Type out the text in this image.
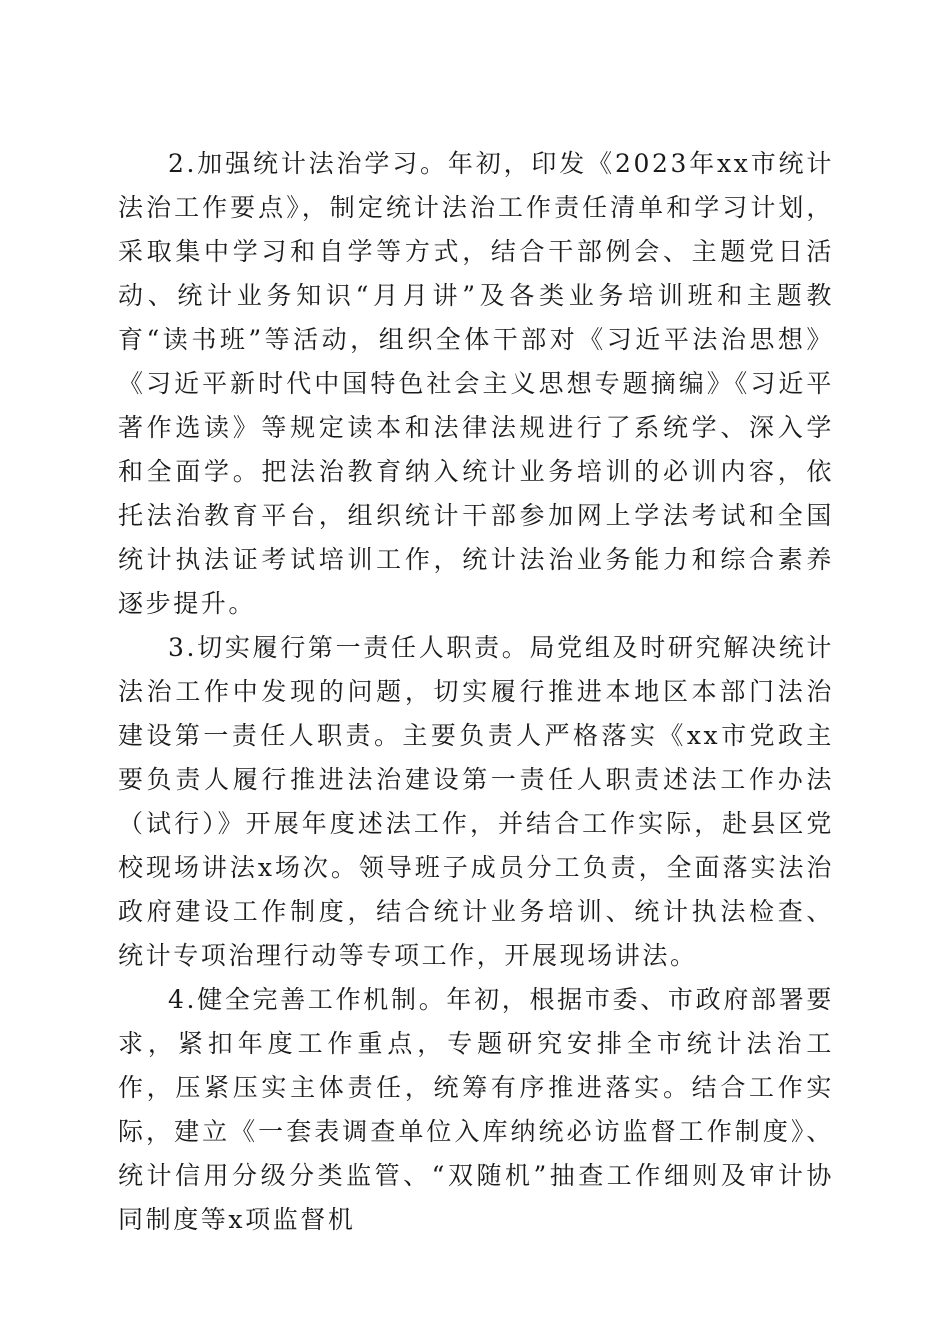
2.加强统计法治学习。年初，印发《2023年xx市统计法治工作要点》，制定统计法治工作责任清单和学习计划，采取集中学习和自学等方式，结合干部例会、主题党日活动、统计业务知识“月月讲”及各类业务培训班和主题教育“读书班”等活动，组织全体干部对《习近平法治思想》《习近平新时代中国特色社会主义思想专题摘编》《习近平著作选读》等规定读本和法律法规进行了系统学、深入学和全面学。把法治教育纳入统计业务培训的必训内容，依托法治教育平台，组织统计干部参加网上学法考试和全国统计执法证考试培训工作，统计法治业务能力和综合素养逐步提升。

3.切实履行第一责任人职责。局党组及时研究解决统计法治工作中发现的问题，切实履行推进本地区本部门法治建设第一责任人职责。主要负责人严格落实《xx市党政主要负责人履行推进法治建设第一责任人职责述法工作办法（试行）》开展年度述法工作，并结合工作实际，赴县区党校现场讲法x场次。领导班子成员分工负责，全面落实法治政府建设工作制度，结合统计业务培训、统计执法检查、统计专项治理行动等专项工作，开展现场讲法。

4.健全完善工作机制。年初，根据市委、市政府部署要求，紧扣年度工作重点，专题研究安排全市统计法治工作，压紧压实主体责任，统筹有序推进落实。结合工作实际，建立《一套表调查单位入库纳统必访监督工作制度》、统计信用分级分类监管、“双随机”抽查工作细则及审计协同制度等x项监督机
